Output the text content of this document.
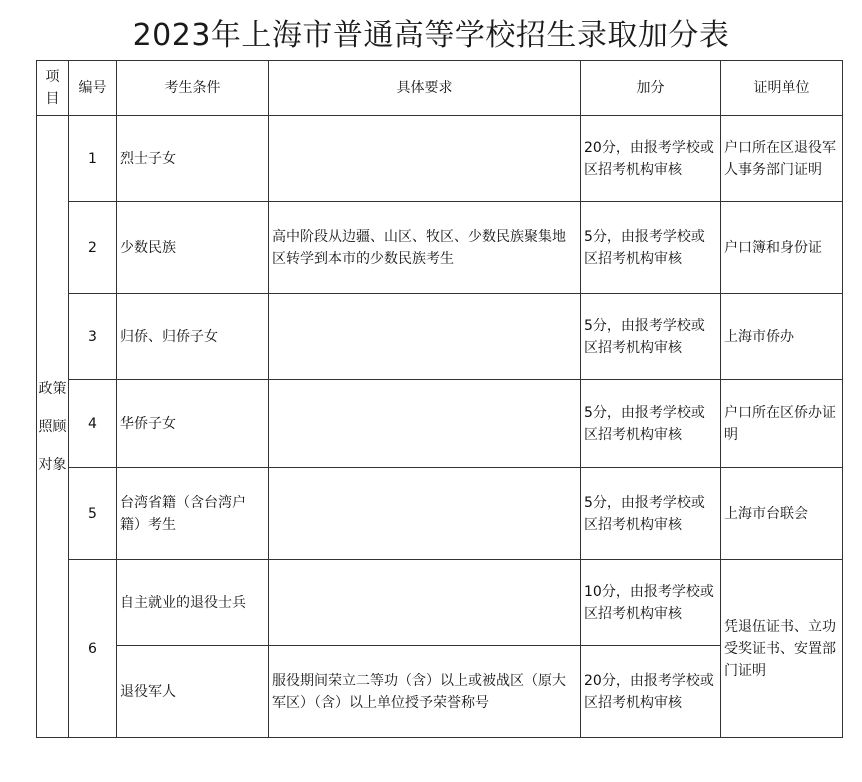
2023年上海市普通高等学校招生录取加分表
项目	编号	考生条件	具体要求	加分	证明单位
政策照顾对象	1	烈士子女		20分，由报考学校或区招考机构审核	户口所在区退役军人事务部门证明
	2	少数民族	高中阶段从边疆、山区、牧区、少数民族聚集地区转学到本市的少数民族考生	5分，由报考学校或区招考机构审核	户口簿和身份证
	3	归侨、归侨子女		5分，由报考学校或区招考机构审核	上海市侨办
	4	华侨子女		5分，由报考学校或区招考机构审核	户口所在区侨办证明
	5	台湾省籍（含台湾户籍）考生		5分，由报考学校或区招考机构审核	上海市台联会
	6	自主就业的退役士兵		10分，由报考学校或区招考机构审核	凭退伍证书、立功受奖证书、安置部门证明
		退役军人	服役期间荣立二等功（含）以上或被战区（原大军区）（含）以上单位授予荣誉称号	20分，由报考学校或区招考机构审核	
